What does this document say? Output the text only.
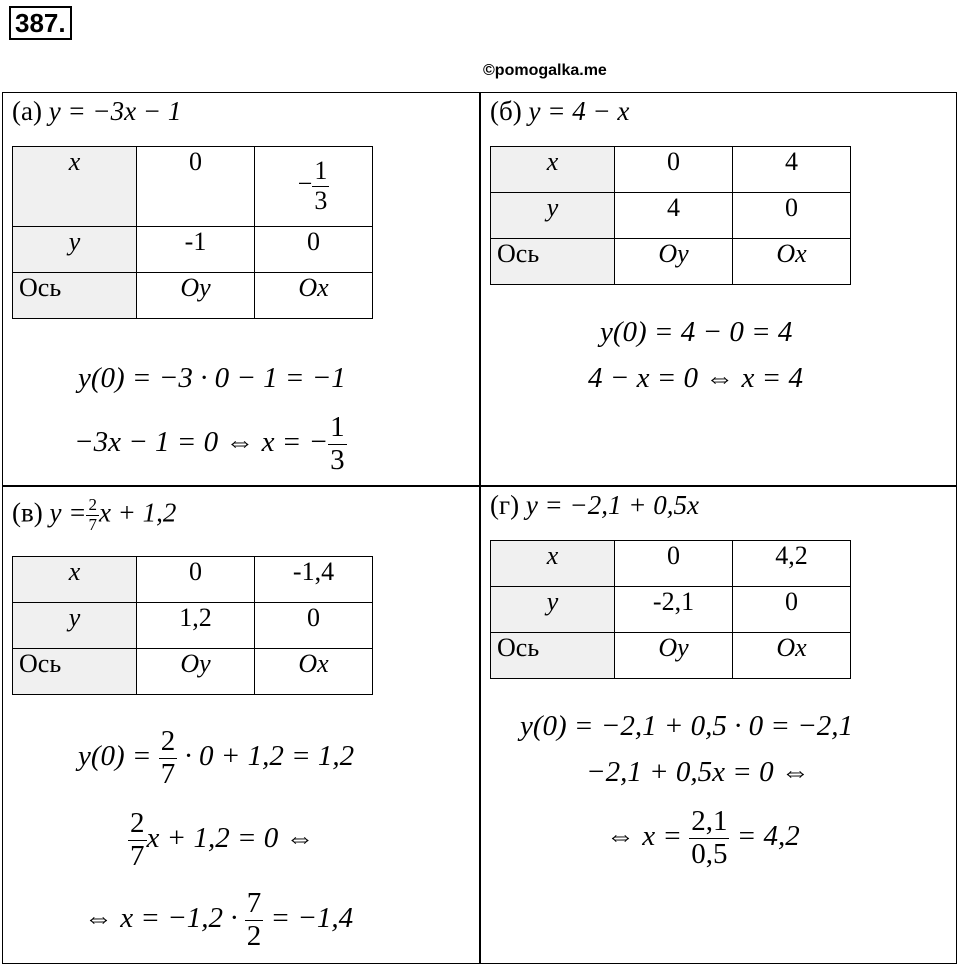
387.
©pomogalka.me
(а) y = −3x − 1
x	0	− $\frac{1}{3}$

y	-1	0
Ось	Oy	Ox
y(0) = −3 · 0 − 1 = −1
−3x − 1 = 0 ⇔ x = − $\frac{1}{3}$
(б) y = 4 − x
x	0	4
y	4	0
Ось	Oy	Ox
y(0) = 4 − 0 = 4
4 − x = 0 ⇔ x = 4
(в) $y = \frac{2}{7}$ x + 1,2
x	0	-1,4
y	1,2	0
Ось	Oy	Ox
$y(0) = \frac{2}{7} \cdot 0 + 1,2 = 1,2$
$\frac{2}{7}$ x + 1,2 = 0 ⇔
⇔ $x = -1,2 \cdot \frac{7}{2} = -1,4$
(г) y = −2,1 + 0,5x
x	0	4,2
y	-2,1	0
Ось	Oy	Ox
y(0) = −2,1 + 0,5 · 0 = −2,1
−2,1 + 0,5x = 0 ⇔
⇔ $x = \frac{2,1}{0,5} = 4,2$
